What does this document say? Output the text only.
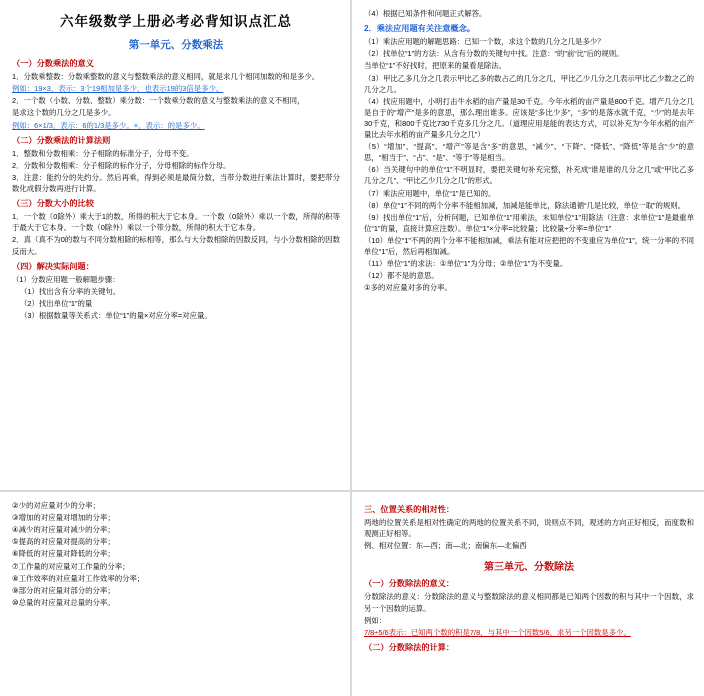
六年级数学上册必考必背知识点汇总
第一单元、分数乘法
（一）分数乘法的意义
1．分数乘整数：分数乘整数的意义与整数乘法的意义相同，就是求几个相同加数的和是多少。
例如：19×3，表示：3个19相加是多少，也表示19的3倍是多少。
2．一个数（小数、分数、整数）乘分数：一个数乘分数的意义与整数乘法的意义不相同，
是求这个数的几分之几是多少。
例如：6×1/3，表示：6的1/3是多少。×，表示：的是多少。
（二）分数乘法的计算法则
1．整数和分数相乘：分子相除的标准分子，分母不变。
2．分数和分数相乘：分子相除的标作分子，分母相除的标作分母。
3．注意：能约分的先约分。然后再乘，得到必须是最简分数，当带分数进行乘法计算时，要把带分数化成假分数再进行计算。
（三）分数大小的比较
1．一个数（0除外）乘大于1的数，所得的积大于它本身。一个数（0除外）乘以一个数，所得的积等于最大于它本身。一个数（0除外）乘以一个带分数，所得的积大于它本身。
2．真（真不为0的数与不同分数相除的标相等，那么与大分数相除的因数反同，与小分数相除的因数反而大。
（四）解决实际问题：
（1）分数应用题一般解题步骤：
（1）找出含有分率的关键句。
（2）找出单位“1”的量
（3）根据数量等关系式：单位“1”的量×对应分率=对应量。
（4）根据已知条件和问题正式解答。
2．乘法应用题有关注意概念。
（1）乘法应用题的解题思路：已知一个数，求这个数的几分之几是多少？
（2）找单位“1”的方法：从含有分数的关键句中找。注意：“的”前“比”后的规则。
当单位“1”不好找时，把原来的量看是除法。
（3）甲比乙多几分之几表示甲比乙多的数占乙的几分之几，甲比乙少几分之几表示甲比乙少数之乙的几分之几。
（4）找应用题中，小明打击牛水稻的亩产量是30千克。今年水稻的亩产量是800千克。增产几分之几是自于的“增产”是多的意思，那么理出谁多。应该是“多比少多”，“多”的是落水就千克，“少”的是去年30千克，和800千克比730千克多几分之几。（道理应用是能的表达方式，可以补充为“今年水稻的亩产量比去年水稻的亩产量多几分之几”）
（5）“增加”、“提高”、“增产”等是含“多”的意思，“减少”、“下降”、“降低”、“降低”等是含“少”的意思，“相当于”、“占”、“是”、“等于”等是相当。
（6）当关键句中的单位“1”不明显时，要把关键句补充完整，补充成“谁是谁的几分之几”或“甲比乙多几分之几”、“甲比乙少几分之几”的形式。
（7）乘法应用题中，单位“1”是已知的。
（8）单位“1”不同的两个分率不能相加减，加减是能单比，除法通循“几是比较，单位一取”的规则。
（9）找出单位“1”后，分析问题，已知单位“1”用乘法，未知单位“1”用除法（注意：求单位“1”是最重单位“1”的量，直接计算应注数）。单位“1”×分率=比较量；比较量÷分率=单位“1”
（10）单位“1”不两的两个分率不能相加减，乘法有能对应把把的不变重应为单位“1”，统一分率的不同单位“1”后，然后再相加减。
（11）单位“1”的求法：①单位“1”为分母；②单位“1”为不变量。
（12）都不是的意思。
①多的对应量对多的分率。
②少的对应量对少的分率；
③增加的对应量对增加的分率；
④减少的对应量对减少的分率；
⑤提高的对应量对提高的分率；
⑥降低的对应量对降低的分率；
⑦工作量的对应量对工作量的分率；
⑧工作效率的对应量对工作效率的分率；
⑨部分的对应量对部分的分率；
⑩总量的对应量对总量的分率。
三、位置关系的相对性：
两地的位置关系是相对性确定的两地的位置关系不同，说则点不同，观述的方向正好相反，而度数和观测正好相等。
例、相对位置：东—西；南—北；南偏东—北偏西
第三单元、分数除法
（一）分数除法的意义：
分数除法的意义：分数除法的意义与整数除法的意义相同都是已知两个因数的积与其中一个因数，求另一个因数的运算。
例如：
7/8÷5/6表示：已知两个数的积是7/8，与其中一个因数5/6，求另一个因数是多少。
（二）分数除法的计算：
